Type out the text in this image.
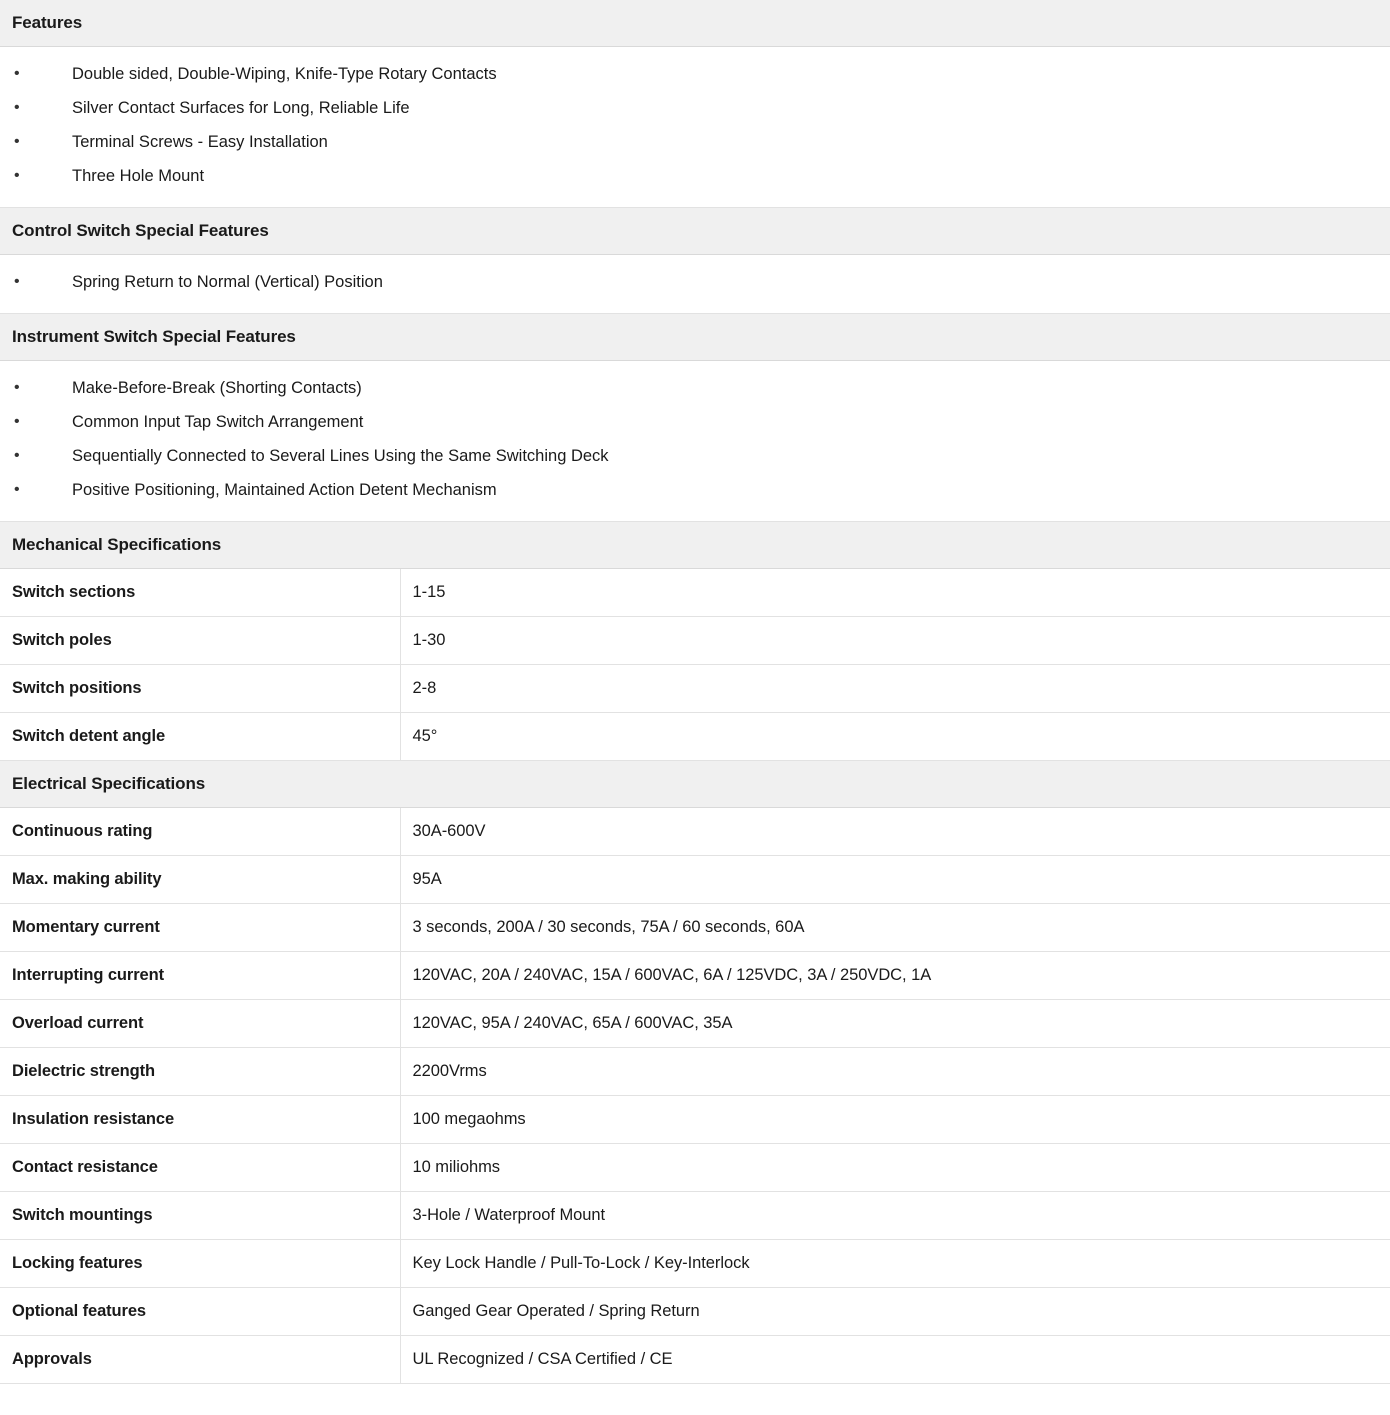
Features	

•	Double sided, Double-Wiping, Knife-Type Rotary Contacts
•	Silver Contact Surfaces for Long, Reliable Life
•	Terminal Screws - Easy Installation
•	Three Hole Mount

Control Switch Special Features	

•	Spring Return to Normal (Vertical) Position

Instrument Switch Special Features	

•	Make-Before-Break (Shorting Contacts)
•	Common Input Tap Switch Arrangement
•	Sequentially Connected to Several Lines Using the Same Switching Deck
•	Positive Positioning, Maintained Action Detent Mechanism

Mechanical Specifications	
Switch sections	1-15
Switch poles	1-30
Switch positions	2-8
Switch detent angle	45°
Electrical Specifications	
Continuous rating	30A-600V
Max. making ability	95A
Momentary current	3 seconds, 200A / 30 seconds, 75A / 60 seconds, 60A
Interrupting current	120VAC, 20A / 240VAC, 15A / 600VAC, 6A / 125VDC, 3A / 250VDC, 1A
Overload current	120VAC, 95A / 240VAC, 65A / 600VAC, 35A
Dielectric strength	2200Vrms
Insulation resistance	100 megaohms
Contact resistance	10 miliohms
Switch mountings	3-Hole / Waterproof Mount
Locking features	Key Lock Handle / Pull-To-Lock / Key-Interlock
Optional features	Ganged Gear Operated / Spring Return
Approvals	UL Recognized / CSA Certified / CE
